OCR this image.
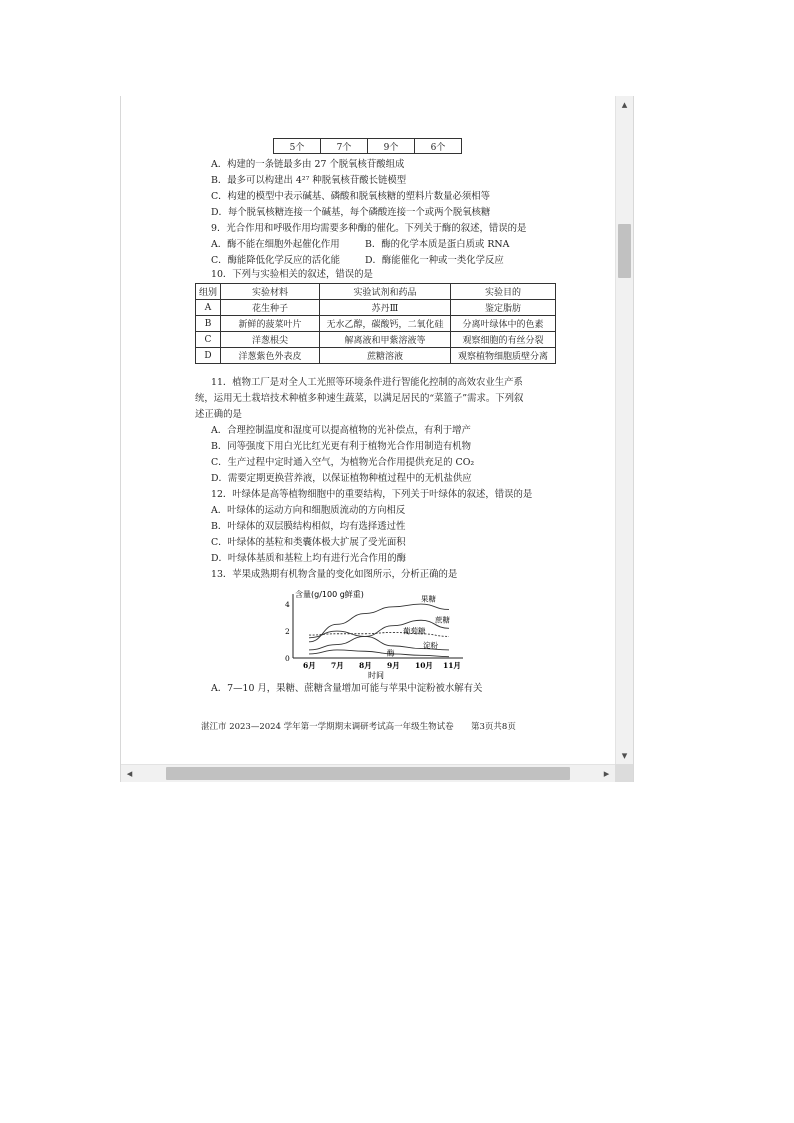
5个	7个	9个	6个
A．构建的一条链最多由 27 个脱氧核苷酸组成
B．最多可以构建出 4²⁷ 种脱氧核苷酸长链模型
C．构建的模型中表示碱基、磷酸和脱氧核糖的塑料片数量必须相等
D．每个脱氧核糖连接一个碱基，每个磷酸连接一个或两个脱氧核糖
9．光合作用和呼吸作用均需要多种酶的催化。下列关于酶的叙述，错误的是
A．酶不能在细胞外起催化作用	B．酶的化学本质是蛋白质或 RNA
C．酶能降低化学反应的活化能	D．酶能催化一种或一类化学反应
10．下列与实验相关的叙述，错误的是
组别	实验材料	实验试剂和药品	实验目的
A	花生种子	苏丹Ⅲ	鉴定脂肪
B	新鲜的菠菜叶片	无水乙醇，碳酸钙，二氧化硅	分离叶绿体中的色素
C	洋葱根尖	解离液和甲紫溶液等	观察细胞的有丝分裂
D	洋葱紫色外表皮	蔗糖溶液	观察植物细胞质壁分离
11．植物工厂是对全人工光照等环境条件进行智能化控制的高效农业生产系
统，运用无土栽培技术种植多种速生蔬菜，以满足居民的“菜篮子”需求。下列叙
述正确的是
A．合理控制温度和湿度可以提高植物的光补偿点，有利于增产
B．同等强度下用白光比红光更有利于植物光合作用制造有机物
C．生产过程中定时通入空气，为植物光合作用提供充足的 CO₂
D．需要定期更换营养液，以保证植物种植过程中的无机盐供应
12．叶绿体是高等植物细胞中的重要结构，下列关于叶绿体的叙述，错误的是
A．叶绿体的运动方向和细胞质流动的方向相反
B．叶绿体的双层膜结构相似，均有选择透过性
C．叶绿体的基粒和类囊体极大扩展了受光面积
D．叶绿体基质和基粒上均有进行光合作用的酶
13．苹果成熟期有机物含量的变化如图所示，分析正确的是
含量(g/100 g鲜重)
时间
0
2
4
6月 7月 8月 9月 10月 11月
果糖
蔗糖
葡萄糖
淀粉
酶
A．7—10 月，果糖、蔗糖含量增加可能与苹果中淀粉被水解有关
湛江市 2023—2024 学年第一学期期末调研考试高一年级生物试卷 第3页共8页
▴
▾
◂	▸
